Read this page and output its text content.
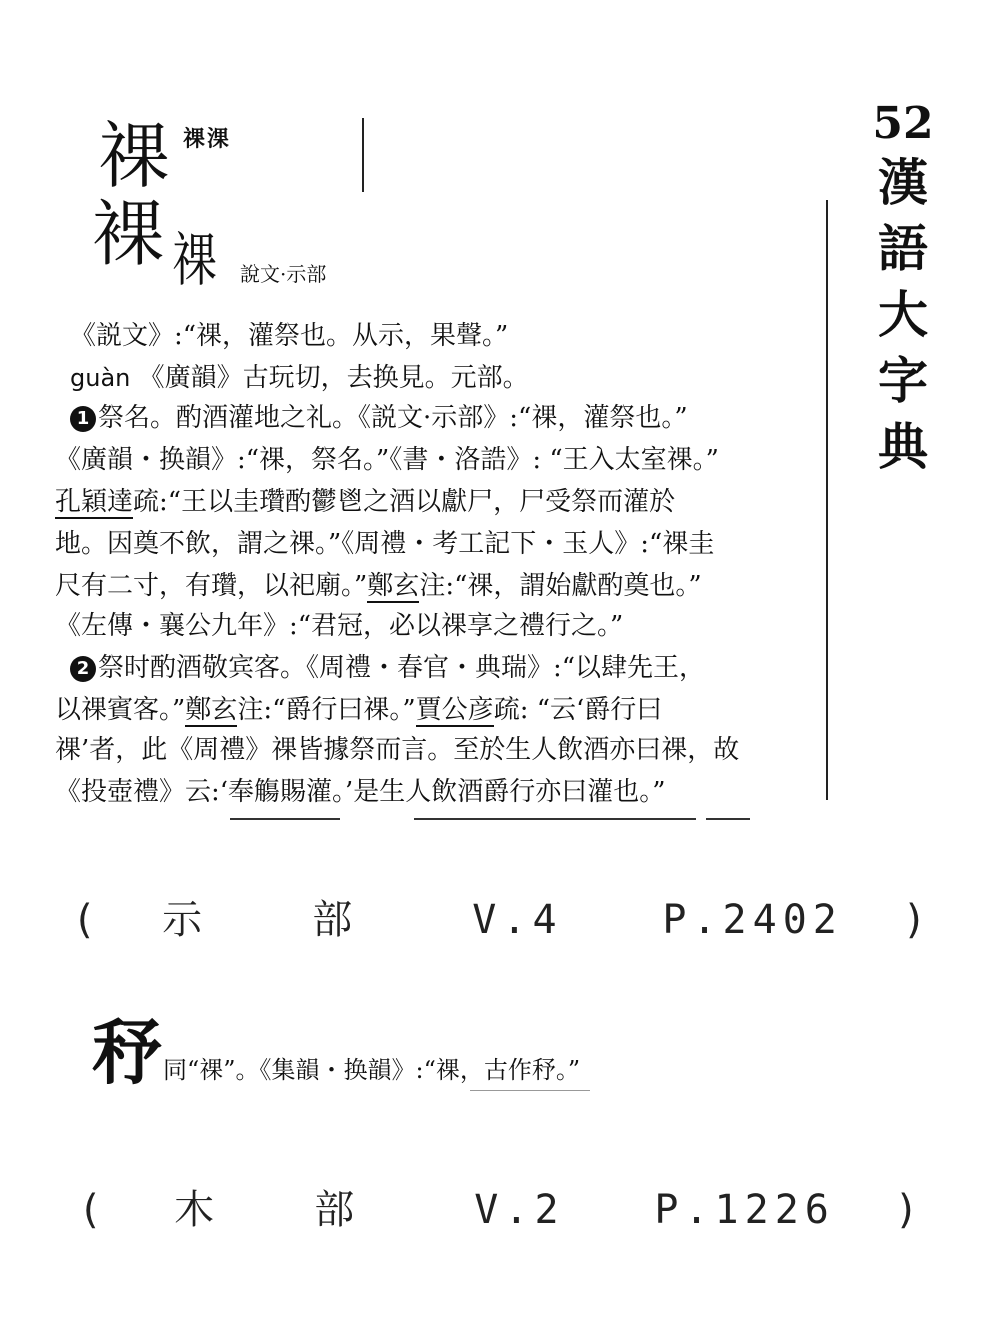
52
漢
語
大
字
典
祼 祼淉
裸 祼 說文·示部
《説文》:“祼，灌祭也。从示，果聲。”
guàn 《廣韻》古玩切，去换見。元部。
1 祭名。酌酒灌地之礼。《説文·示部》:“祼，灌祭也。”
《廣韻・换韻》:“祼，祭名。”《書・洛誥》: “王入太室祼。”
孔穎達疏:“王以圭瓚酌鬱鬯之酒以獻尸，尸受祭而灌於
地。因奠不飲，謂之祼。”《周禮・考工記下・玉人》:“祼圭
尺有二寸，有瓚，以祀廟。”鄭玄注:“祼，謂始獻酌奠也。”
《左傳・襄公九年》:“君冠，必以祼享之禮行之。”
2 祭时酌酒敬宾客。《周禮・春官・典瑞》:“以肆先王，
以祼賓客。”鄭玄注:“爵行曰祼。”賈公彦疏: “云‘爵行曰
祼’者，此《周禮》祼皆據祭而言。至於生人飲酒亦曰祼，故
《投壺禮》云:‘奉觴賜灌。’是生人飲酒爵行亦曰灌也。”
( 示	部	V.4 P.2402 )
𥝱 同“祼”。《集韻・换韻》:“祼，古作𥝱。”
( 木 部	V.2 P.1226 )
